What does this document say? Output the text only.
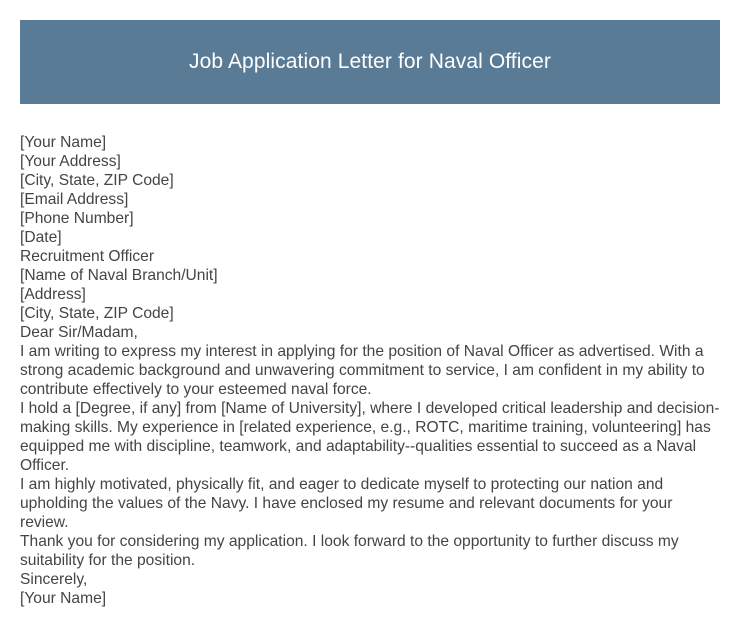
Job Application Letter for Naval Officer
[Your Name]
[Your Address]
[City, State, ZIP Code]
[Email Address]
[Phone Number]
[Date]
Recruitment Officer
[Name of Naval Branch/Unit]
[Address]
[City, State, ZIP Code]
Dear Sir/Madam,
I am writing to express my interest in applying for the position of Naval Officer as advertised. With a strong academic background and unwavering commitment to service, I am confident in my ability to contribute effectively to your esteemed naval force.
I hold a [Degree, if any] from [Name of University], where I developed critical leadership and decision-making skills. My experience in [related experience, e.g., ROTC, maritime training, volunteering] has equipped me with discipline, teamwork, and adaptability--qualities essential to succeed as a Naval Officer.
I am highly motivated, physically fit, and eager to dedicate myself to protecting our nation and upholding the values of the Navy. I have enclosed my resume and relevant documents for your review.
Thank you for considering my application. I look forward to the opportunity to further discuss my suitability for the position.
Sincerely,
[Your Name]
